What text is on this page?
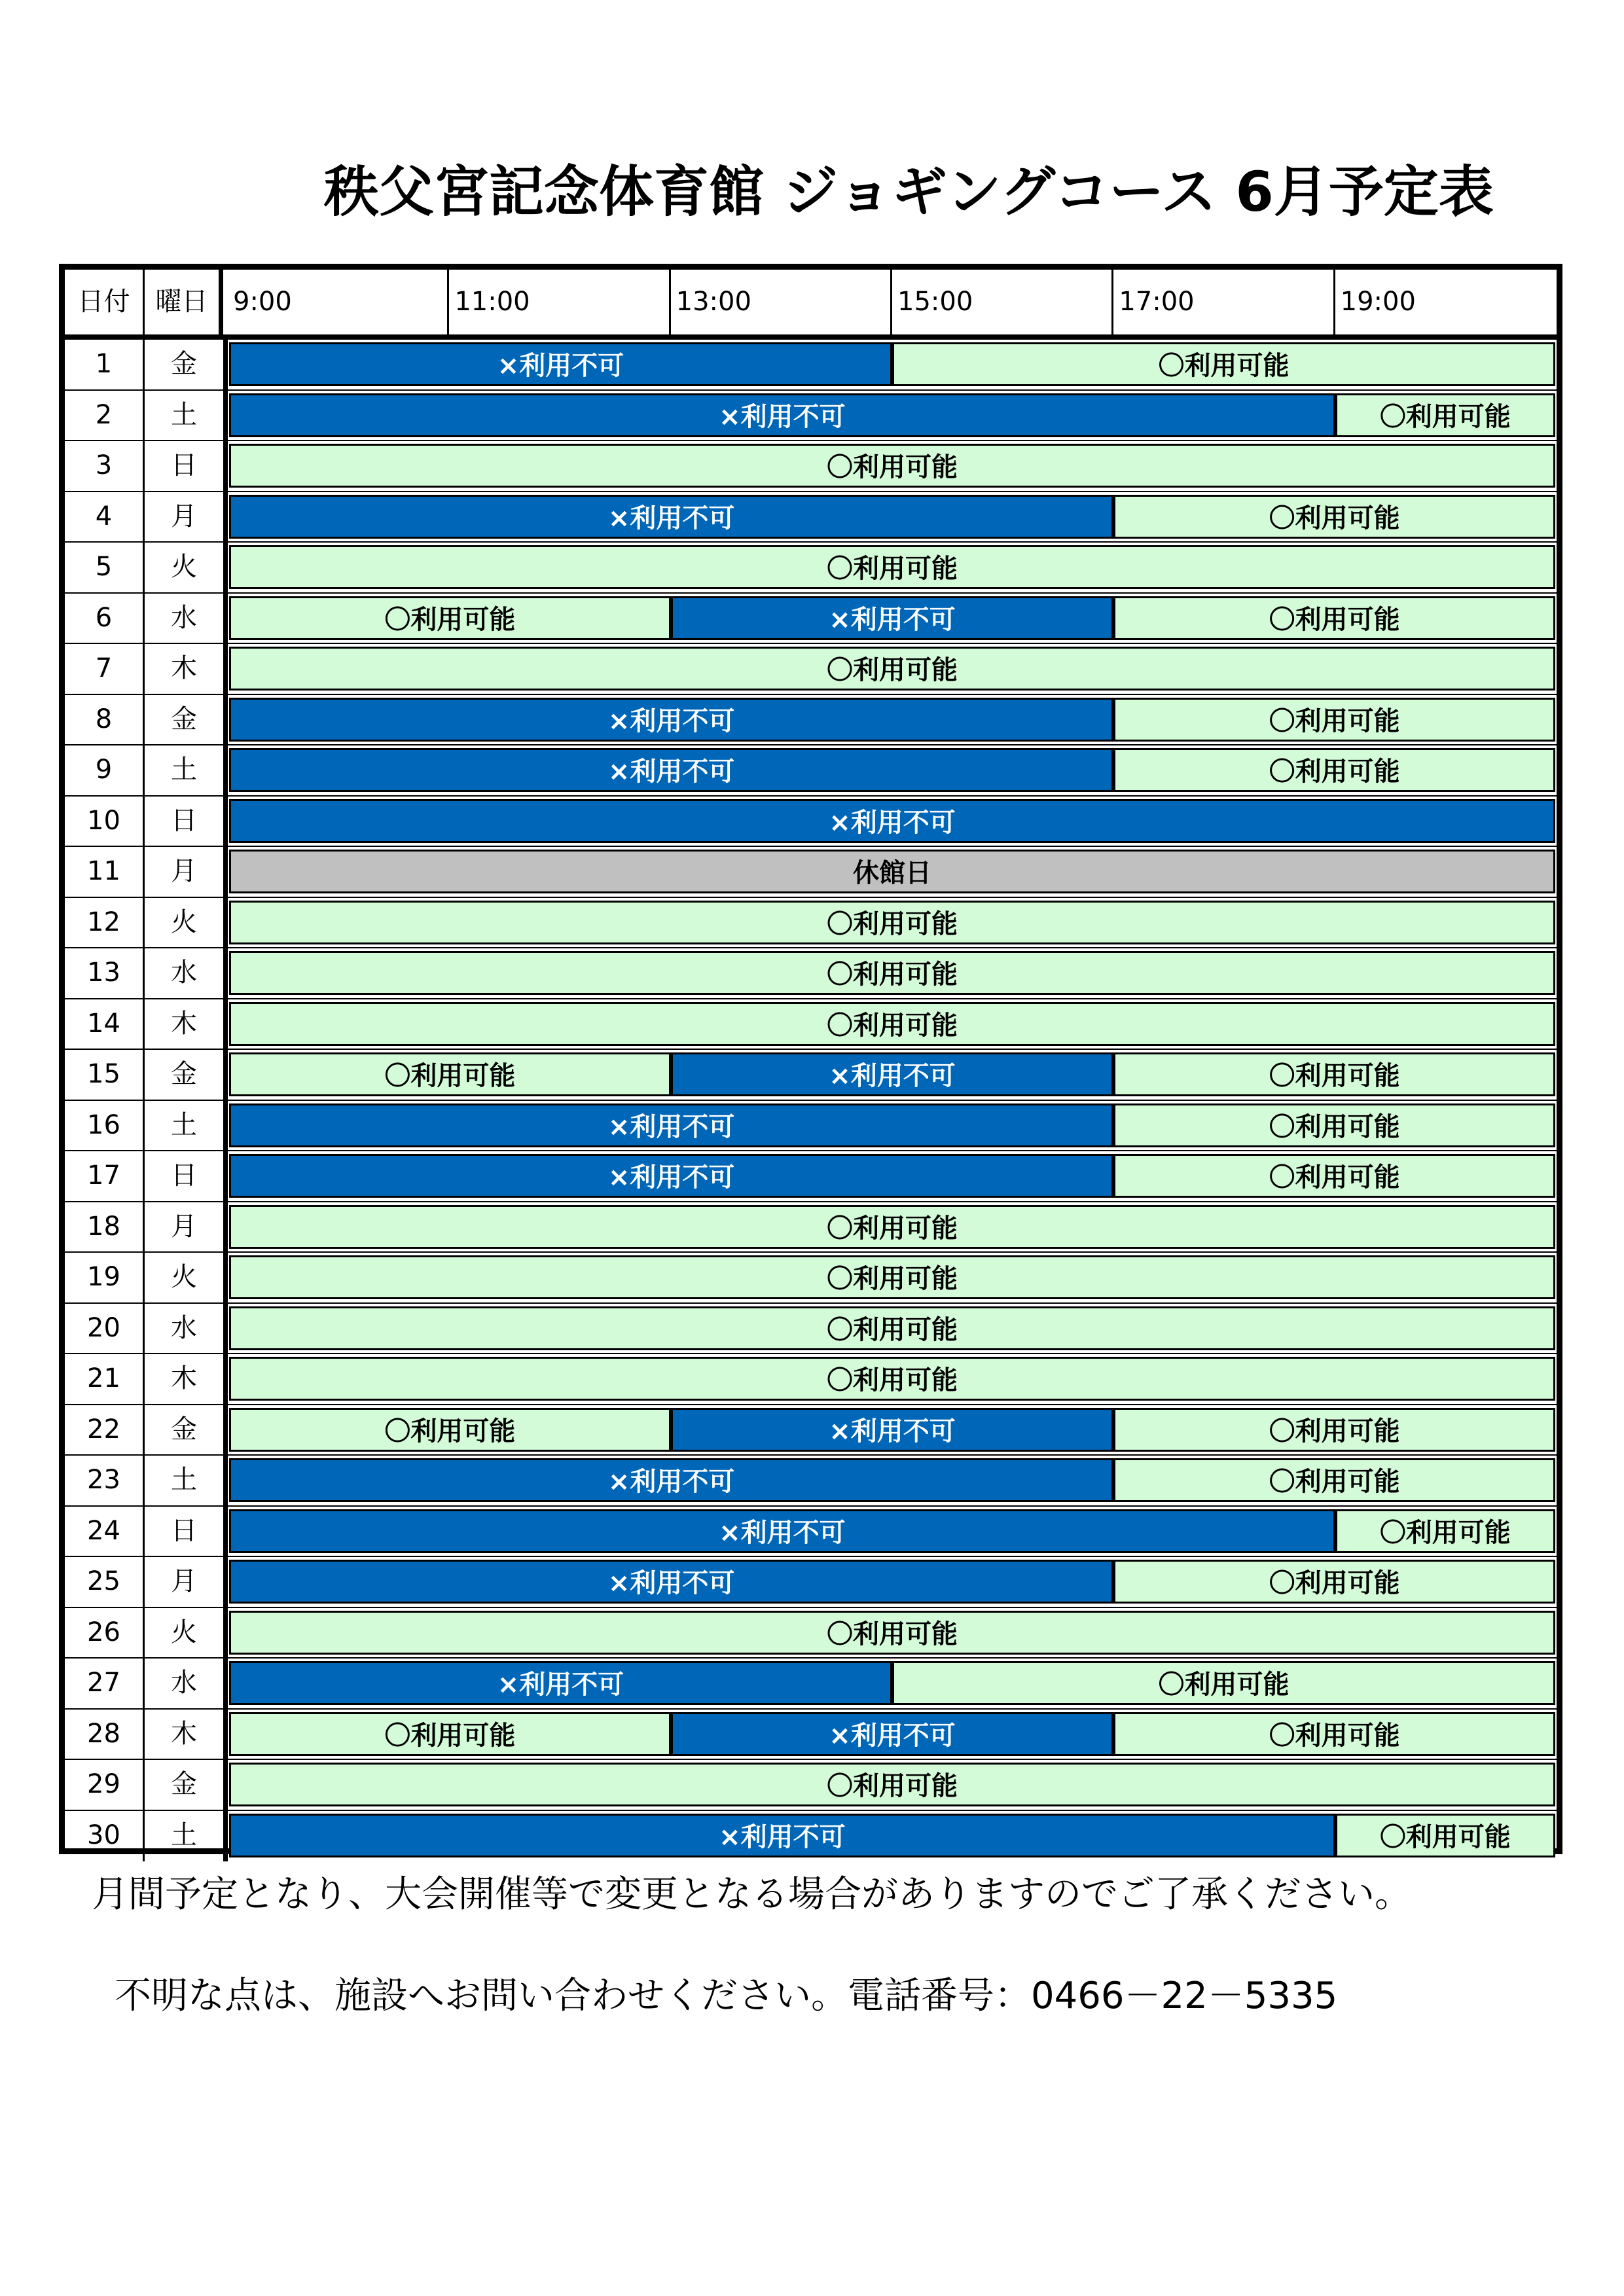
秩父宮記念体育館 ジョギングコース 6月予定表
日付 曜日 9:00	11:00	13:00	15:00	17:00	19:00
1	金	×利用不可	〇利用可能
2	土	×利用不可	〇利用可能
3	日	〇利用可能
4	月	×利用不可	〇利用可能
5	火	〇利用可能
6	水	〇利用可能	×利用不可	〇利用可能
7	木	〇利用可能
8	金	×利用不可	〇利用可能
9	土	×利用不可	〇利用可能
10	日	×利用不可
11	月	休館日
12	火	〇利用可能
13	水	〇利用可能
14	木	〇利用可能
15	金	〇利用可能	×利用不可	〇利用可能
16	土	×利用不可	〇利用可能
17	日	×利用不可	〇利用可能
18	月	〇利用可能
19	火	〇利用可能
20	水	〇利用可能
21	木	〇利用可能
22	金	〇利用可能	×利用不可	〇利用可能
23	土	×利用不可	〇利用可能
24	日	×利用不可	〇利用可能
25	月	×利用不可	〇利用可能
26	火	〇利用可能
27	水	×利用不可	〇利用可能
28	木	〇利用可能	×利用不可	〇利用可能
29	金	〇利用可能
30	土	×利用不可	〇利用可能
月間予定となり、大会開催等で変更となる場合がありますのでご了承ください。
不明な点は、施設へお問い合わせください。電話番号：0466－22－5335
